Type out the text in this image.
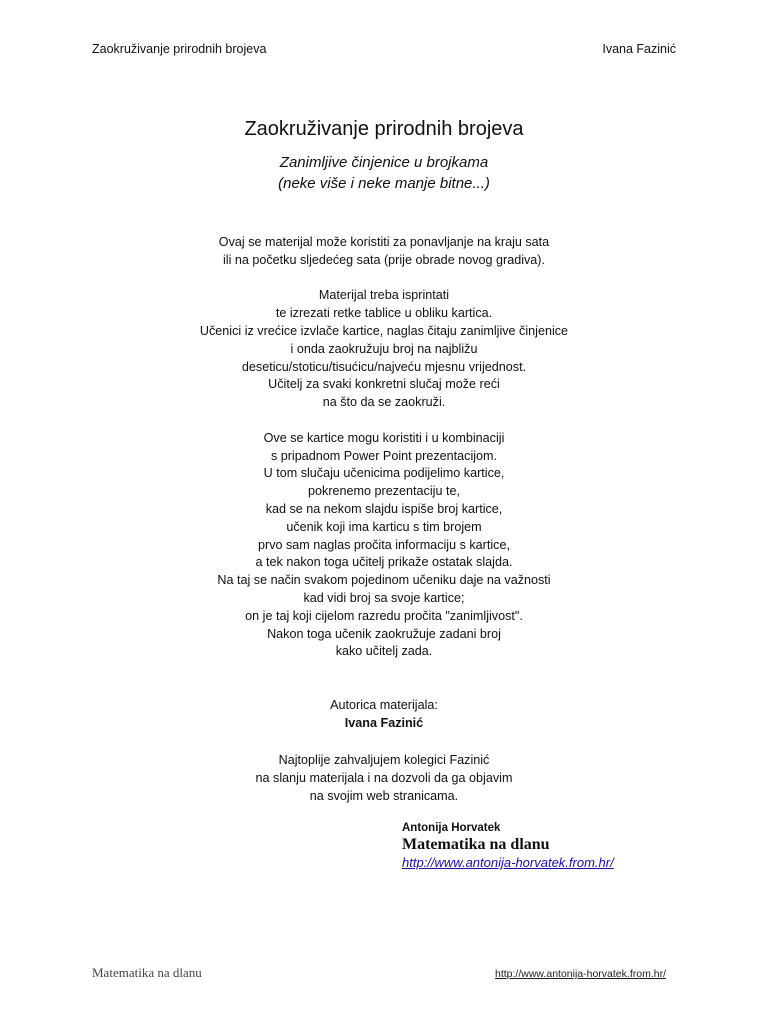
Zaokruživanje prirodnih brojeva	Ivana Fazinić
Zaokruživanje prirodnih brojeva
Zanimljive činjenice u brojkama
(neke više i neke manje bitne...)

Ovaj se materijal može koristiti za ponavljanje na kraju sata
ili na početku sljedećeg sata (prije obrade novog gradiva).

Materijal treba isprintati
te izrezati retke tablice u obliku kartica.
Učenici iz vrećice izvlače kartice, naglas čitaju zanimljive činjenice
i onda zaokružuju broj na najbližu
deseticu/stoticu/tisućicu/najveću mjesnu vrijednost.
Učitelj za svaki konkretni slučaj može reći
na što da se zaokruži.

Ove se kartice mogu koristiti i u kombinaciji
s pripadnom Power Point prezentacijom.
U tom slučaju učenicima podijelimo kartice,
pokrenemo prezentaciju te,
kad se na nekom slajdu ispiše broj kartice,
učenik koji ima karticu s tim brojem
prvo sam naglas pročita informaciju s kartice,
a tek nakon toga učitelj prikaže ostatak slajda.
Na taj se način svakom pojedinom učeniku daje na važnosti
kad vidi broj sa svoje kartice;
on je taj koji cijelom razredu pročita "zanimljivost".
Nakon toga učenik zaokružuje zadani broj
kako učitelj zada.

Autorica materijala:
Ivana Fazinić
Najtoplije zahvaljujem kolegici Fazinić
na slanju materijala i na dozvoli da ga objavim
na svojim web stranicama.
Antonija Horvatek
Matematika na dlanu
http://www.antonija-horvatek.from.hr/
Matematika na dlanu	http://www.antonija-horvatek.from.hr/
